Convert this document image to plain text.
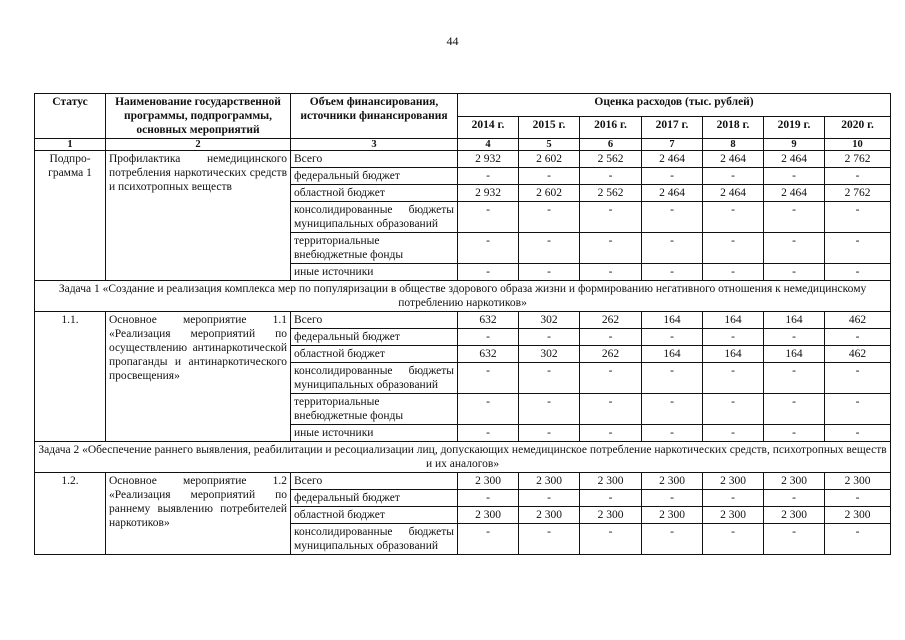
44
Статус	Наименование государственной программы, подпрограммы, основных мероприятий	Объем финансирования, источники финансирования	Оценка расходов (тыс. рублей)						
			2014 г.	2015 г.	2016 г.	2017 г.	2018 г.	2019 г.	2020 г.
1	2	3	4	5	6	7	8	9	10
Подпро- грамма 1	Профилактика немедицинского потребления наркотических средств и психотропных веществ	Всего	2 932	2 602	2 562	2 464	2 464	2 464	2 762
		федеральный бюджет	-	-	-	-	-	-	-
		областной бюджет	2 932	2 602	2 562	2 464	2 464	2 464	2 762
		консолидированные бюджеты муниципальных образований	-	-	-	-	-	-	-
		территориальные внебюджетные фонды	-	-	-	-	-	-	-
		иные источники	-	-	-	-	-	-	-
Задача 1 «Создание и реализация комплекса мер по популяризации в обществе здорового образа жизни и формированию негативного отношения к немедицинскому потреблению наркотиков»									
1.1.	Основное мероприятие 1.1 «Реализация мероприятий по осуществлению антинаркотической пропаганды и антинаркотического просвещения»	Всего	632	302	262	164	164	164	462
		федеральный бюджет	-	-	-	-	-	-	-
		областной бюджет	632	302	262	164	164	164	462
		консолидированные бюджеты муниципальных образований	-	-	-	-	-	-	-
		территориальные внебюджетные фонды	-	-	-	-	-	-	-
		иные источники	-	-	-	-	-	-	-
Задача 2 «Обеспечение раннего выявления, реабилитации и ресоциализации лиц, допускающих немедицинское потребление наркотических средств, психотропных веществ и их аналогов»									
1.2.	Основное мероприятие 1.2 «Реализация мероприятий по раннему выявлению потребителей наркотиков»	Всего	2 300	2 300	2 300	2 300	2 300	2 300	2 300
		федеральный бюджет	-	-	-	-	-	-	-
		областной бюджет	2 300	2 300	2 300	2 300	2 300	2 300	2 300
		консолидированные бюджеты муниципальных образований	-	-	-	-	-	-	-
